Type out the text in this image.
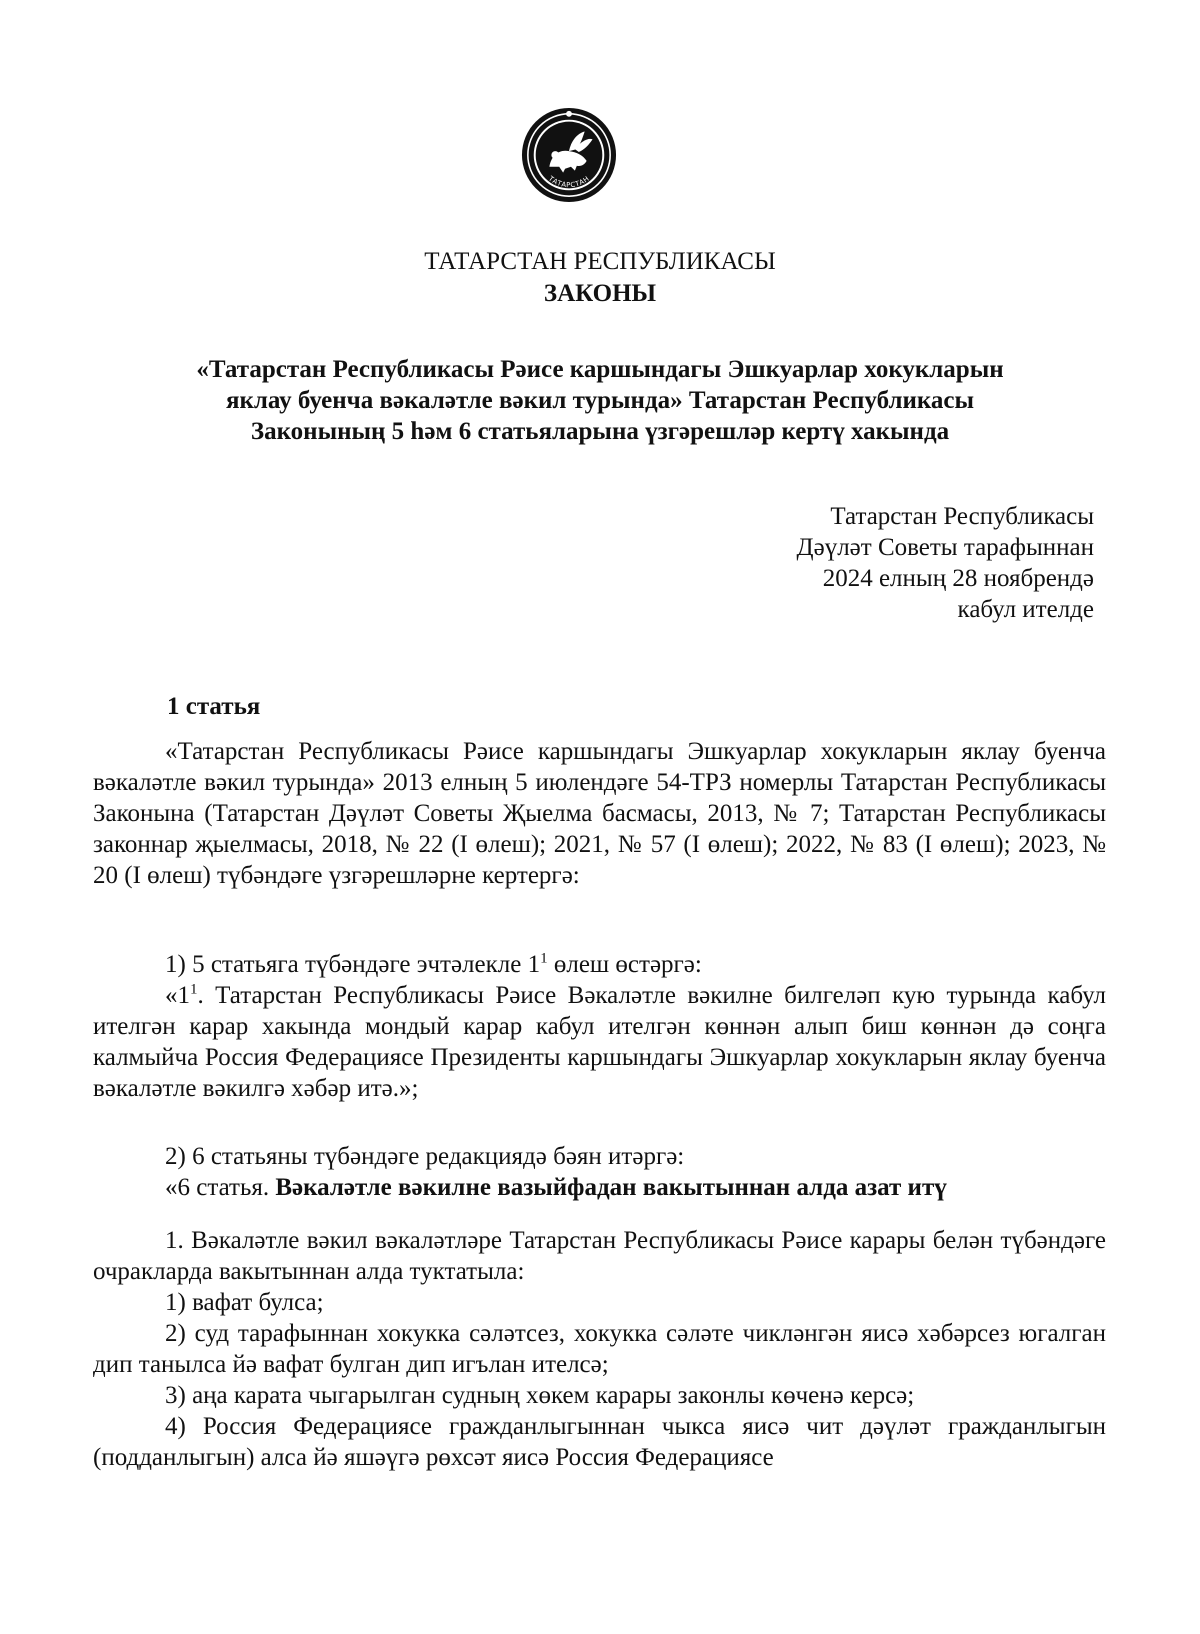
ТАТАРСТАН
ТАТАРСТАН РЕСПУБЛИКАСЫ
ЗАКОНЫ
«Татарстан Республикасы Рәисе каршындагы Эшкуарлар хокукларын
яклау буенча вәкаләтле вәкил турында» Татарстан Республикасы
Законының 5 һәм 6 статьяларына үзгәрешләр кертү хакында
Татарстан Республикасы
Дәүләт Советы тарафыннан
2024 елның 28 ноябрендә
кабул ителде
1 статья

«Татарстан Республикасы Рәисе каршындагы Эшкуарлар хокукларын яклау буенча вәкаләтле вәкил турында» 2013 елның 5 июлендәге 54-ТРЗ номерлы Татарстан Республикасы Законына (Татарстан Дәүләт Советы Җыелма басмасы, 2013, № 7; Татарстан Республикасы законнар җыелмасы, 2018, № 22 (I өлеш); 2021, № 57 (I өлеш); 2022, № 83 (I өлеш); 2023, № 20 (I өлеш) түбәндәге үзгәрешләрне кертергә:

1) 5 статьяга түбәндәге эчтәлекле $1^1$ өлеш өстәргә:

«$1^1$. Татарстан Республикасы Рәисе Вәкаләтле вәкилне билгеләп кую турында кабул ителгән карар хакында мондый карар кабул ителгән көннән алып биш көннән дә соңга калмыйча Россия Федерациясе Президенты каршындагы Эшкуарлар хокукларын яклау буенча вәкаләтле вәкилгә хәбәр итә.»;

2) 6 статьяны түбәндәге редакциядә бәян итәргә:

«6 статья. Вәкаләтле вәкилне вазыйфадан вакытыннан алда азат итү

1. Вәкаләтле вәкил вәкаләтләре Татарстан Республикасы Рәисе карары белән түбәндәге очракларда вакытыннан алда туктатыла:

1) вафат булса;

2) суд тарафыннан хокукка сәләтсез, хокукка сәләте чикләнгән яисә хәбәрсез югалган дип танылса йә вафат булган дип игълан ителсә;

3) аңа карата чыгарылган судның хөкем карары законлы көченә керсә;

4) Россия Федерациясе гражданлыгыннан чыкса яисә чит дәүләт гражданлыгын (подданлыгын) алса йә яшәүгә рөхсәт яисә Россия Федерациясе
